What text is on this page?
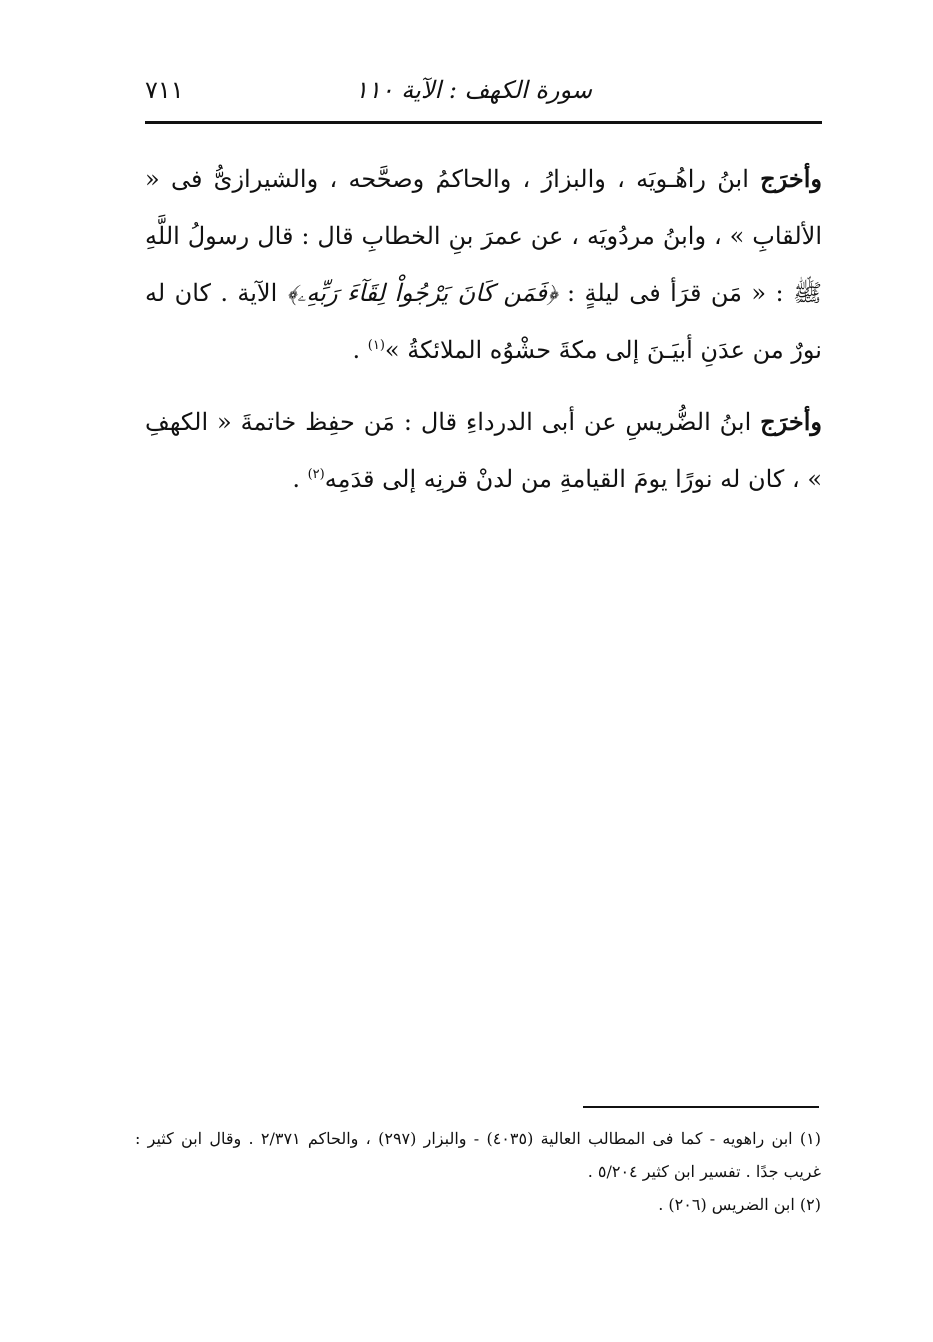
٧١١	سورة الكهف : الآية ١١٠

وأخرَج ابنُ راهُـويَه ، والبزارُ ، والحاكمُ وصحَّحه ، والشيرازىُّ فى « الألقابِ » ، وابنُ مردُويَه ، عن عمرَ بنِ الخطابِ قال : قال رسولُ اللَّهِ ﷺ : « مَن قرَأ فى ليلةٍ : ﴿فَمَن كَانَ يَرْجُواْ لِقَآءَ رَبِّهِۦ﴾ الآية . كان له نورٌ من عدَنِ أبيَـنَ إلى مكةَ حشْوُه الملائكةُ »$^{(١)}$ .

وأخرَج ابنُ الضُّريسِ عن أبى الدرداءِ قال : مَن حفِظ خاتمةَ « الكهفِ » ، كان له نورًا يومَ القيامةِ من لدنْ قرنِه إلى قدَمِه$^{(٢)}$ .

(١) ابن راهويه - كما فى المطالب العالية (٤٠٣٥) - والبزار (٢٩٧) ، والحاكم ٢/٣٧١ . وقال ابن كثير : غريب جدًا . تفسير ابن كثير ٥/٢٠٤ .

(٢) ابن الضريس (٢٠٦) .
